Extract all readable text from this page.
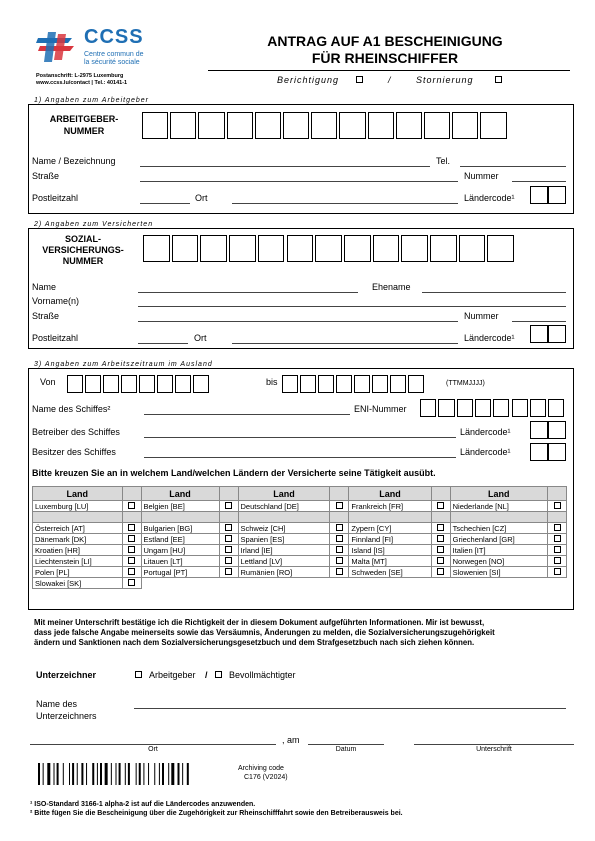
CCSS
Centre commun de
la sécurité sociale
Postanschrift: L-2975 Luxemburg
www.ccss.lu/contact | Tel.: 40141-1
ANTRAG AUF A1 BESCHEINIGUNG
FÜR RHEINSCHIFFER
Berichtigung	/	Stornierung
1) Angaben zum Arbeitgeber
ARBEITGEBER-
NUMMER
Name / Bezeichnung	Tel.
Straße	Nummer
Postleitzahl	Ort	Ländercode¹
2) Angaben zum Versicherten
SOZIAL-
VERSICHERUNGS-
NUMMER
Name	Ehename
Vorname(n)
Straße	Nummer
Postleitzahl	Ort	Ländercode¹
3) Angaben zum Arbeitszeitraum im Ausland
Von	bis	(TTMMJJJJ)
Name des Schiffes²	ENI-Nummer
Betreiber des Schiffes	Ländercode¹
Besitzer des Schiffes	Ländercode¹
Bitte kreuzen Sie an in welchem Land/welchen Ländern der Versicherte seine Tätigkeit ausübt.
Land		Land		Land		Land		Land	
Luxemburg [LU]		Belgien [BE]		Deutschland [DE]		Frankreich [FR]		Niederlande [NL]	

Österreich [AT]		Bulgarien [BG]		Schweiz [CH]		Zypern [CY]		Tschechien [CZ]	
Dänemark [DK]		Estland [EE]		Spanien [ES]		Finnland [FI]		Griechenland [GR]	
Kroatien [HR]		Ungarn [HU]		Irland [IE]		Island [IS]		Italien [IT]	
Liechtenstein [LI]		Litauen [LT]		Lettland [LV]		Malta [MT]		Norwegen [NO]	
Polen [PL]		Portugal [PT]		Rumänien [RO]		Schweden [SE]		Slowenien [SI]	
Slowakei [SK]									
Mit meiner Unterschrift bestätige ich die Richtigkeit der in diesem Dokument aufgeführten Informationen. Mir ist bewusst,
dass jede falsche Angabe meinerseits sowie das Versäumnis, Änderungen zu melden, die Sozialversicherungszugehörigkeit
ändern und Sanktionen nach dem Sozialversicherungsgesetzbuch und dem Strafgesetzbuch nach sich ziehen können.
Unterzeichner	Arbeitgeber / Bevollmächtigter
Name des
Unterzeichners
, am
Ort	Datum	Unterschrift
Archiving code
C176 (V2024)
¹ ISO-Standard 3166-1 alpha-2 ist auf die Ländercodes anzuwenden.
² Bitte fügen Sie die Bescheinigung über die Zugehörigkeit zur Rheinschifffahrt sowie den Betreiberausweis bei.
